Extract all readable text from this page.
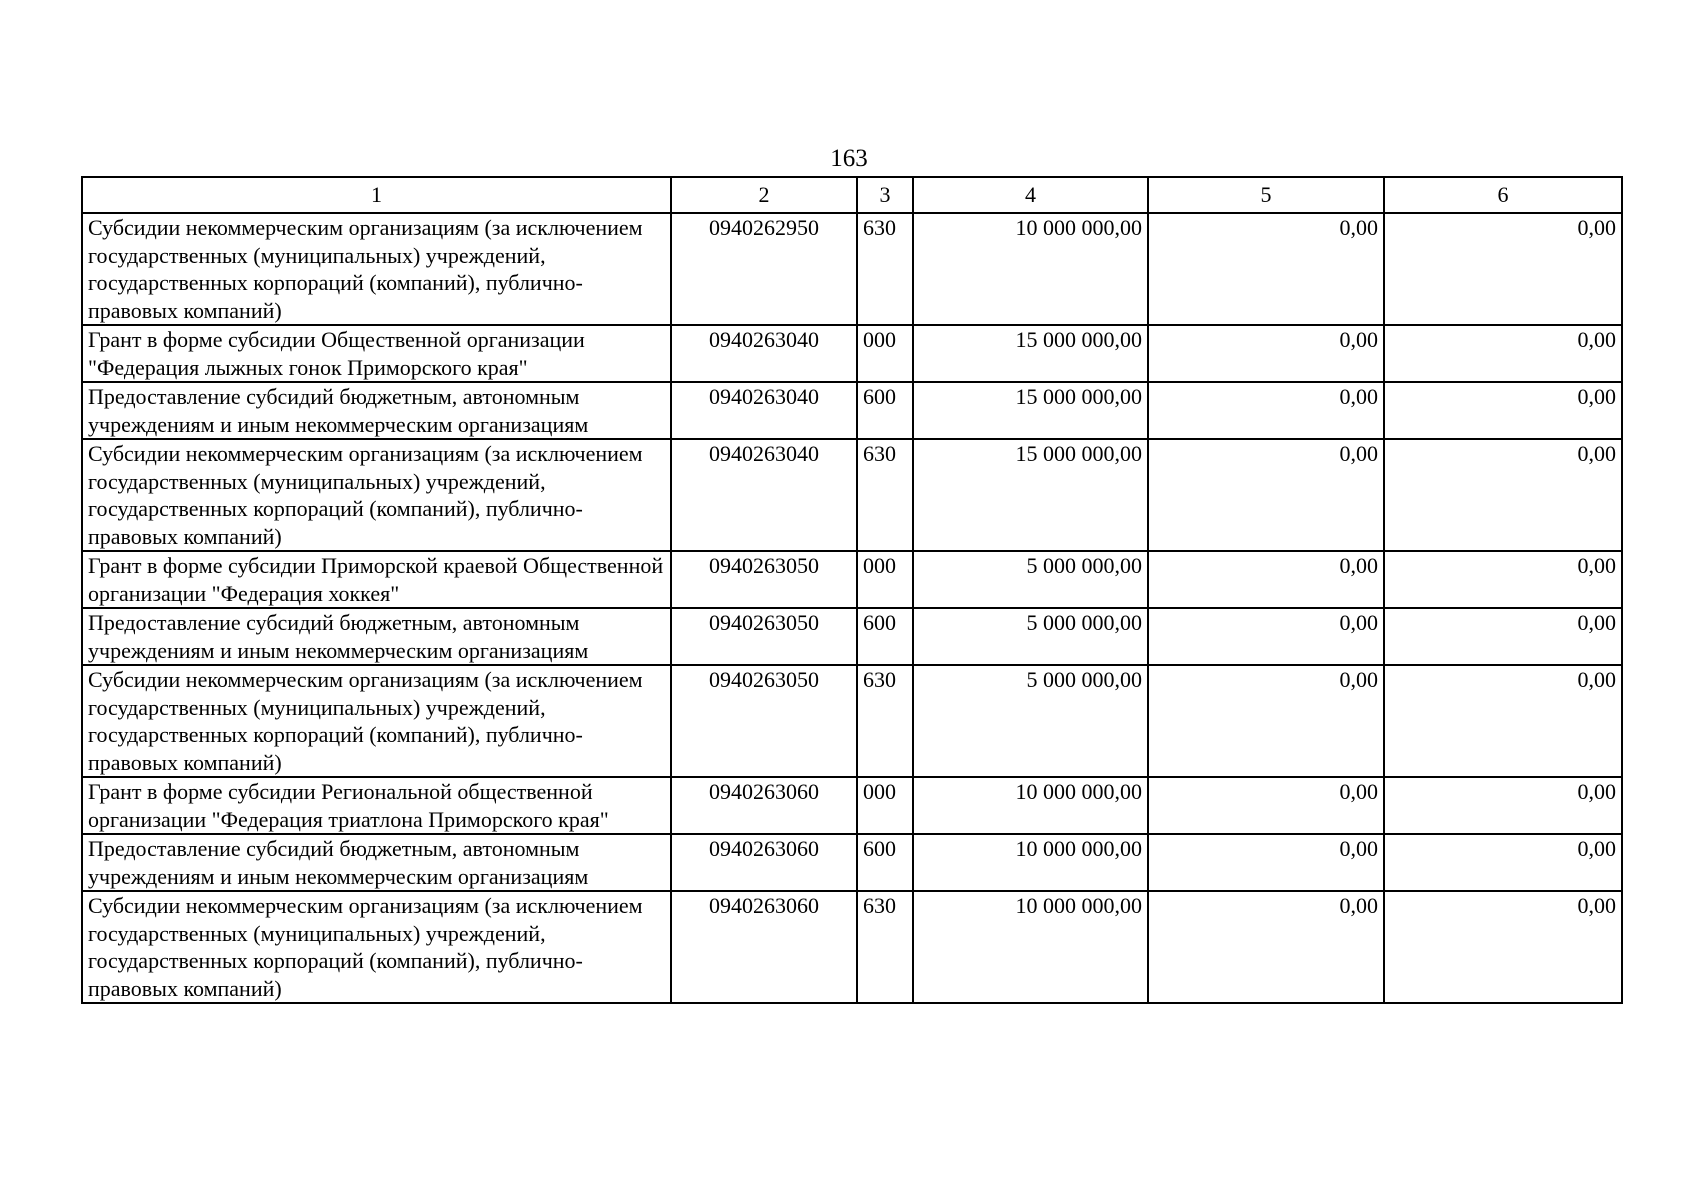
163
1	2	3	4	5	6
Субсидии некоммерческим организациям (за исключением государственных (муниципальных) учреждений, государственных корпораций (компаний), публично-правовых компаний)	0940262950	630	10 000 000,00	0,00	0,00
Грант в форме субсидии Общественной организации "Федерация лыжных гонок Приморского края"	0940263040	000	15 000 000,00	0,00	0,00
Предоставление субсидий бюджетным, автономным учреждениям и иным некоммерческим организациям	0940263040	600	15 000 000,00	0,00	0,00
Субсидии некоммерческим организациям (за исключением государственных (муниципальных) учреждений, государственных корпораций (компаний), публично-правовых компаний)	0940263040	630	15 000 000,00	0,00	0,00
Грант в форме субсидии Приморской краевой Общественной организации "Федерация хоккея"	0940263050	000	5 000 000,00	0,00	0,00
Предоставление субсидий бюджетным, автономным учреждениям и иным некоммерческим организациям	0940263050	600	5 000 000,00	0,00	0,00
Субсидии некоммерческим организациям (за исключением государственных (муниципальных) учреждений, государственных корпораций (компаний), публично-правовых компаний)	0940263050	630	5 000 000,00	0,00	0,00
Грант в форме субсидии Региональной общественной организации "Федерация триатлона Приморского края"	0940263060	000	10 000 000,00	0,00	0,00
Предоставление субсидий бюджетным, автономным учреждениям и иным некоммерческим организациям	0940263060	600	10 000 000,00	0,00	0,00
Субсидии некоммерческим организациям (за исключением государственных (муниципальных) учреждений, государственных корпораций (компаний), публично-правовых компаний)	0940263060	630	10 000 000,00	0,00	0,00
